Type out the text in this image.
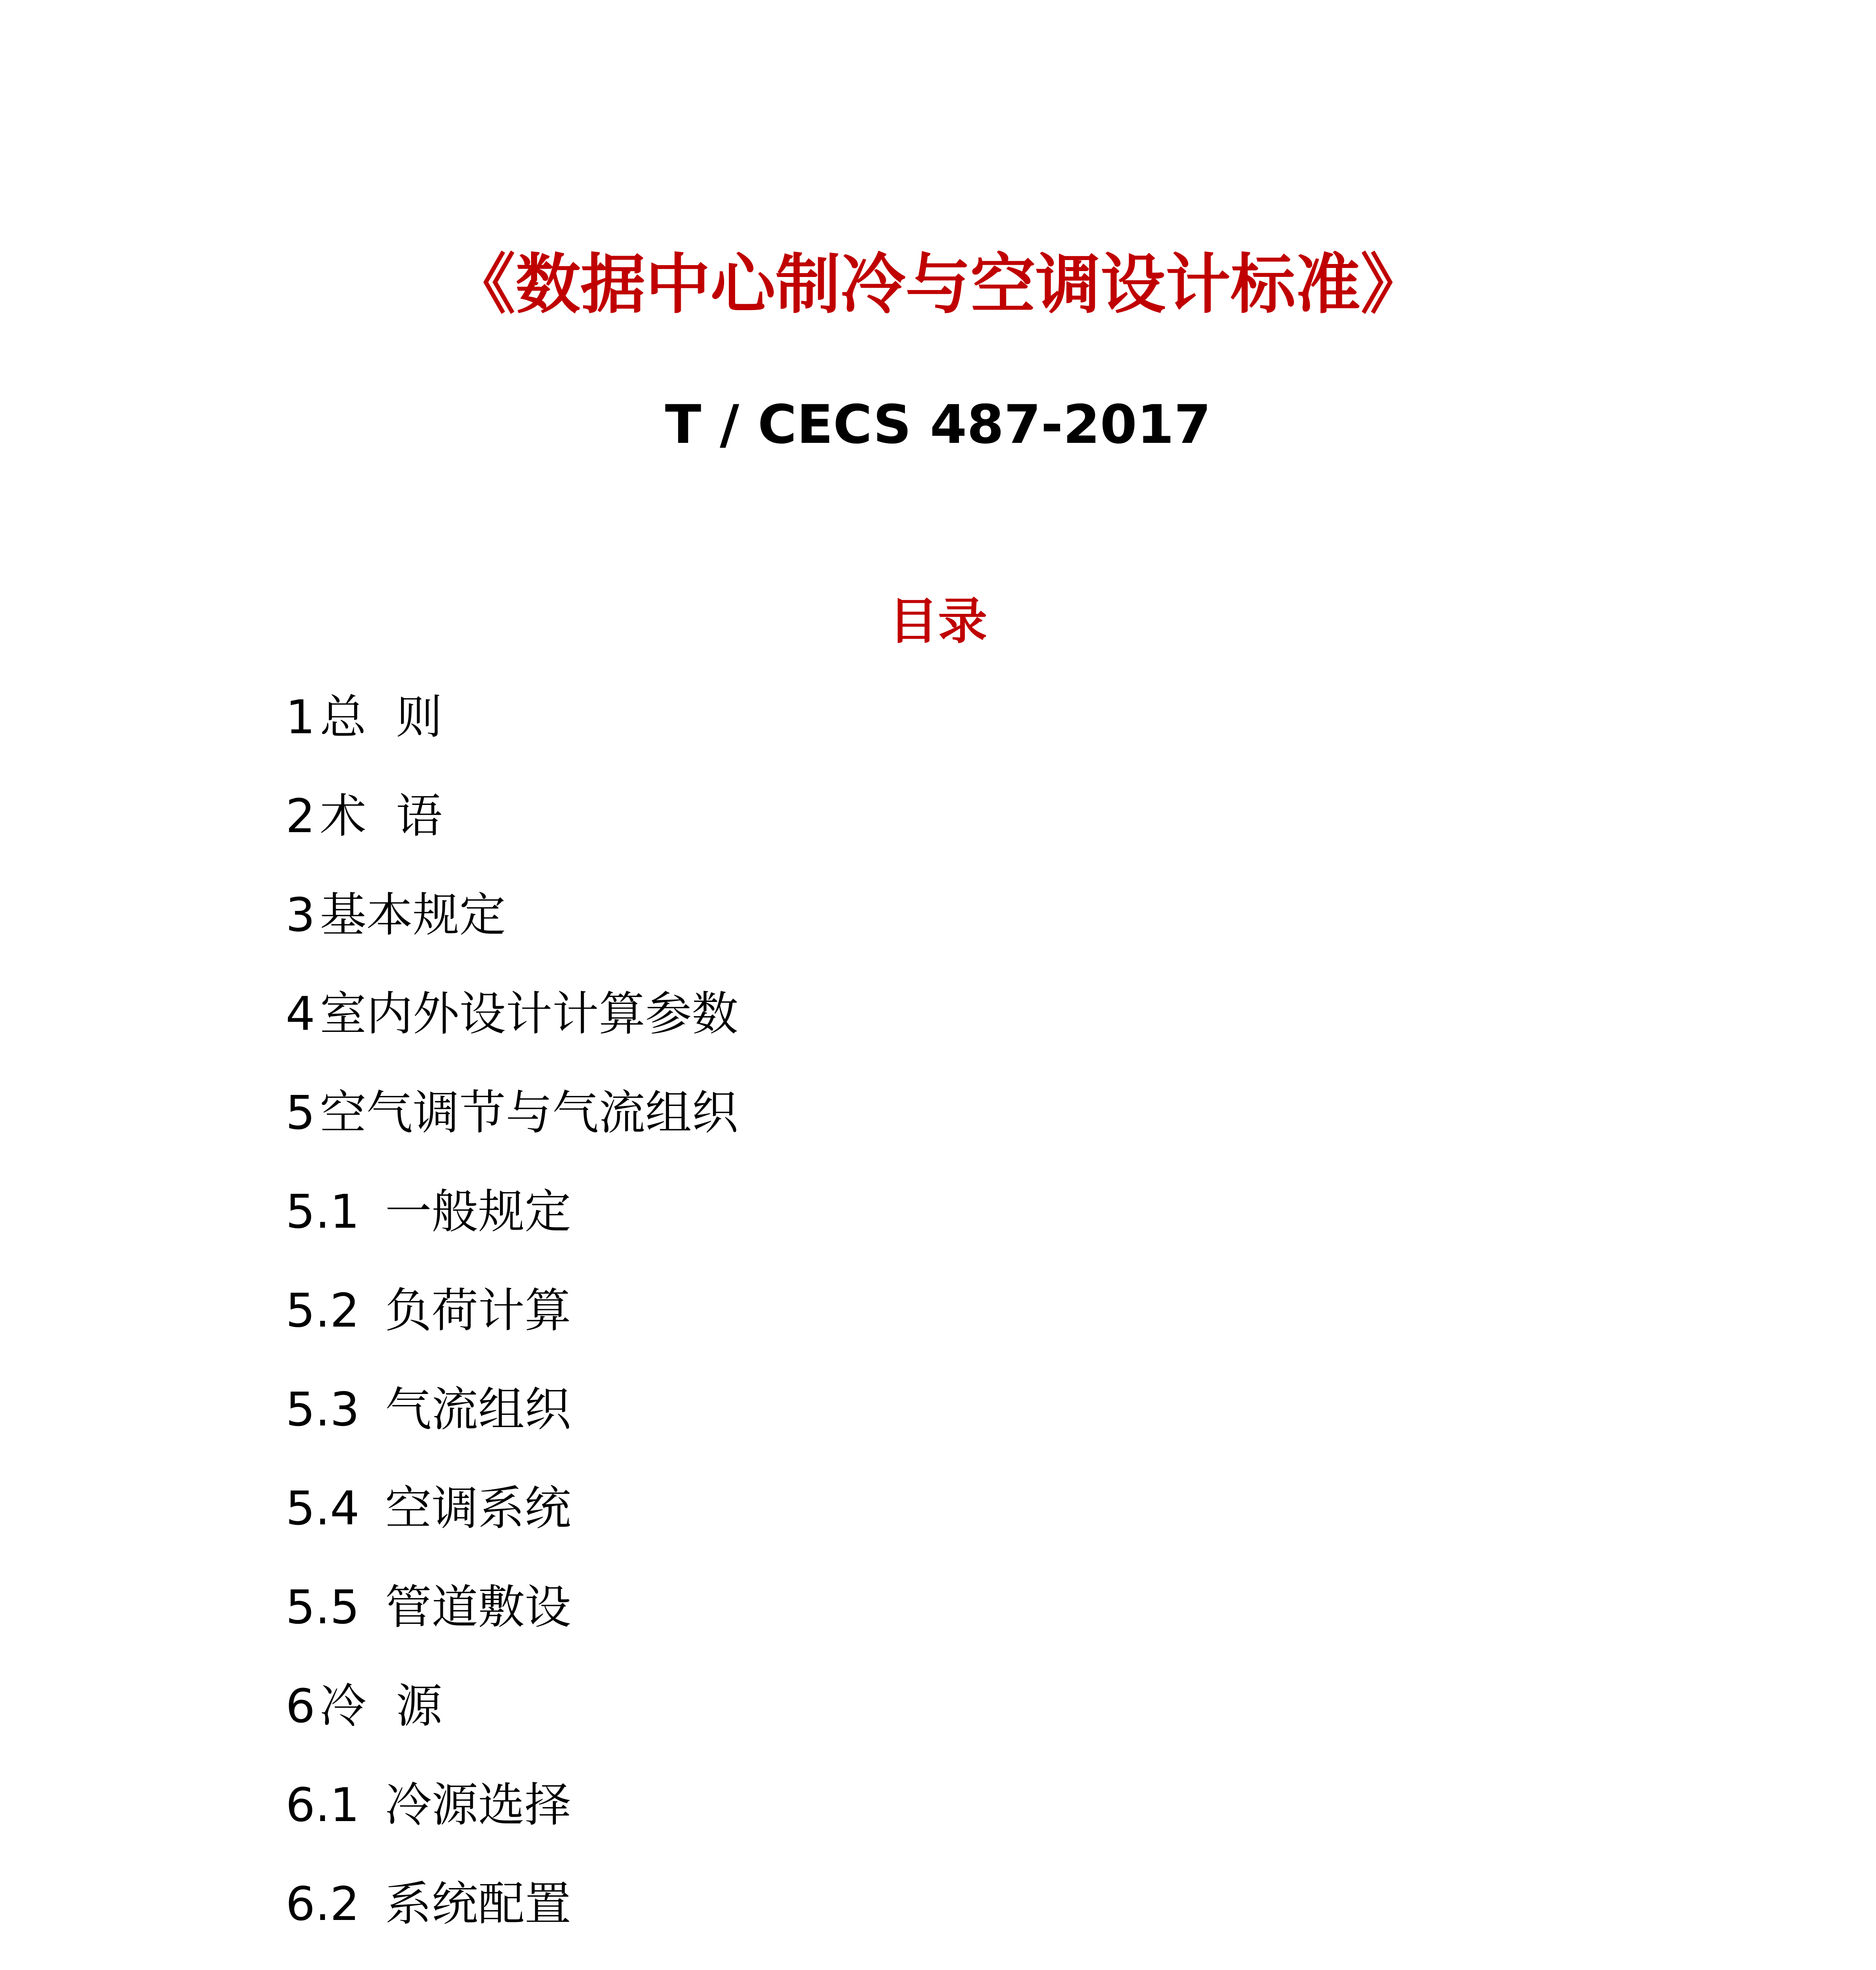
《数据中心制冷与空调设计标准》
T / CECS 487-2017
目录
1总  则
2术  语
3基本规定
4室内外设计计算参数
5空气调节与气流组织
5.1 一般规定
5.2 负荷计算
5.3 气流组织
5.4 空调系统
5.5 管道敷设
6冷  源
6.1 冷源选择
6.2 系统配置
